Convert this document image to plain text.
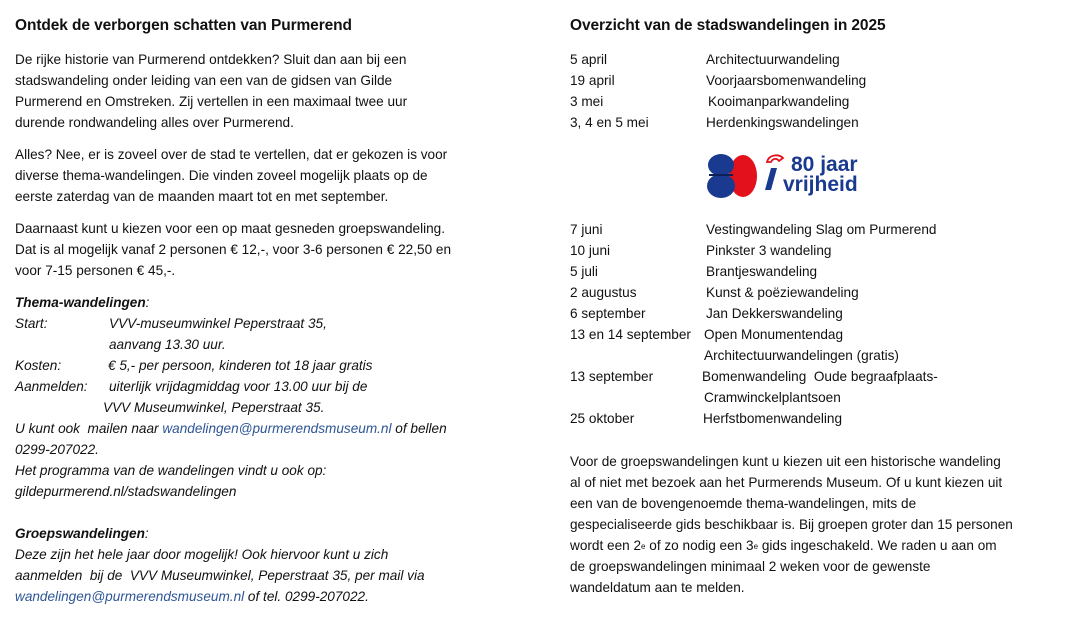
Ontdek de verborgen schatten van Purmerend
De rijke historie van Purmerend ontdekken? Sluit dan aan bij een
stadswandeling onder leiding van een van de gidsen van Gilde
Purmerend en Omstreken. Zij vertellen in een maximaal twee uur
durende rondwandeling alles over Purmerend.
Alles? Nee, er is zoveel over de stad te vertellen, dat er gekozen is voor
diverse thema-wandelingen. Die vinden zoveel mogelijk plaats op de
eerste zaterdag van de maanden maart tot en met september.
Daarnaast kunt u kiezen voor een op maat gesneden groepswandeling.
Dat is al mogelijk vanaf 2 personen € 12,-, voor 3-6 personen € 22,50 en
voor 7-15 personen € 45,-.
Thema-wandelingen:
Start:	VVV-museumwinkel Peperstraat 35,
aanvang 13.30 uur.
Kosten:	€ 5,- per persoon, kinderen tot 18 jaar gratis
Aanmelden: uiterlijk vrijdagmiddag voor 13.00 uur bij de
VVV Museumwinkel, Peperstraat 35.
U kunt ook  mailen naar wandelingen@purmerendsmuseum.nl of bellen
0299-207022.
Het programma van de wandelingen vindt u ook op:
gildepurmerend.nl/stadswandelingen
Groepswandelingen:
Deze zijn het hele jaar door mogelijk! Ook hiervoor kunt u zich
aanmelden  bij de  VVV Museumwinkel, Peperstraat 35, per mail via
wandelingen@purmerendsmuseum.nl of tel. 0299-207022.
Overzicht van de stadswandelingen in 2025
5 april	Architectuurwandeling
19 april	Voorjaarsbomenwandeling
3 mei	Kooimanparkwandeling
3, 4 en 5 mei	Herdenkingswandelingen
80 jaar
vrijheid
7 juni	Vestingwandeling Slag om Purmerend
10 juni	Pinkster 3 wandeling
5 juli	Brantjeswandeling
2 augustus	Kunst & poëziewandeling
6 september	Jan Dekkerswandeling
13 en 14 september Open Monumentendag
Architectuurwandelingen (gratis)
13 september	Bomenwandeling  Oude begraafplaats-
Cramwinckelplantsoen
25 oktober	Herfstbomenwandeling
Voor de groepswandelingen kunt u kiezen uit een historische wandeling
al of niet met bezoek aan het Purmerends Museum. Of u kunt kiezen uit
een van de bovengenoemde thema-wandelingen, mits de
gespecialiseerde gids beschikbaar is. Bij groepen groter dan 15 personen
wordt een 2e of zo nodig een 3e gids ingeschakeld. We raden u aan om
de groepswandelingen minimaal 2 weken voor de gewenste
wandeldatum aan te melden.
